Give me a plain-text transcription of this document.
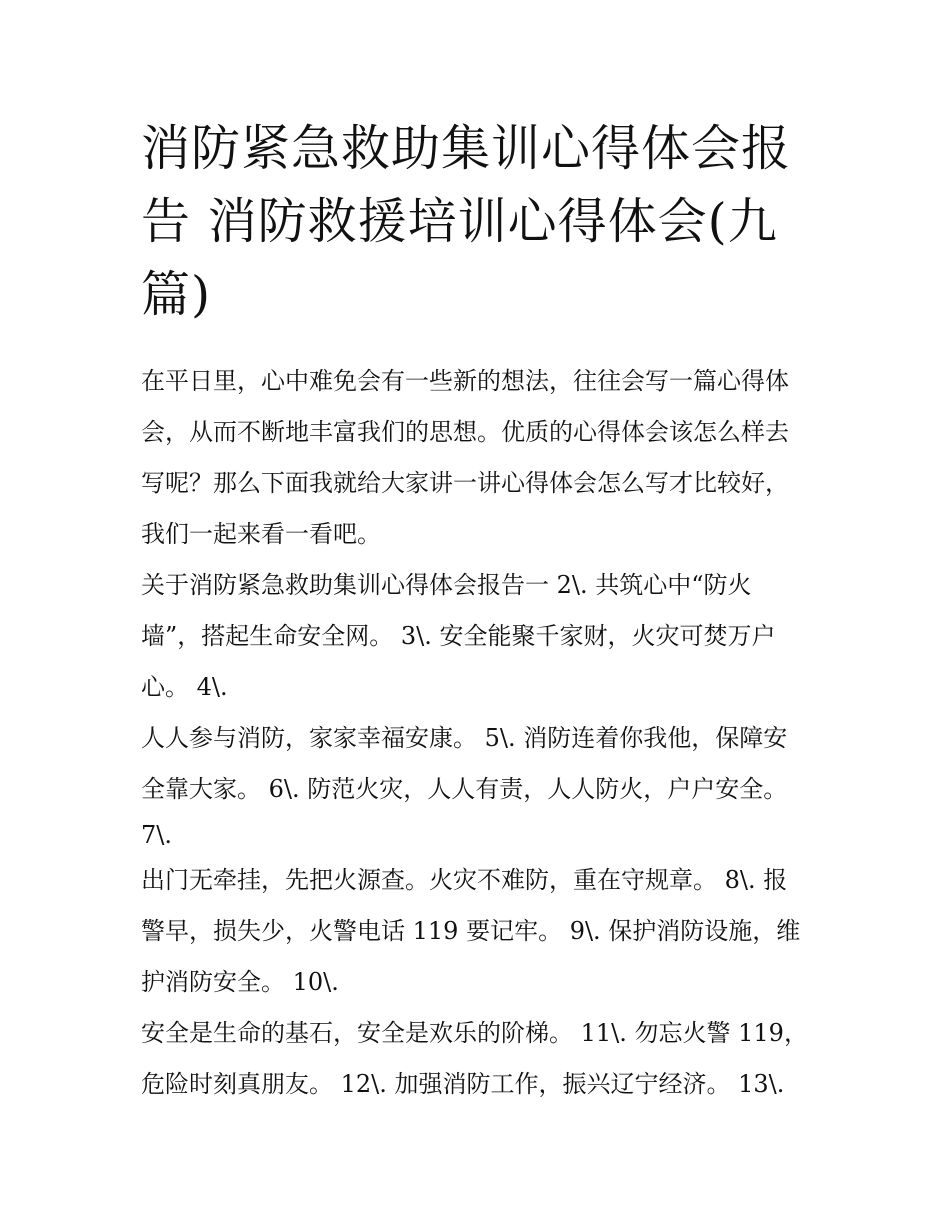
消防紧急救助集训心得体会报
告 消防救援培训心得体会(九
篇)

在平日里，心中难免会有一些新的想法，往往会写一篇心得体
会，从而不断地丰富我们的思想。优质的心得体会该怎么样去
写呢？那么下面我就给大家讲一讲心得体会怎么写才比较好，
我们一起来看一看吧。

关于消防紧急救助集训心得体会报告一 2\. 共筑心中“防火
墙”，搭起生命安全网。 3\. 安全能聚千家财，火灾可焚万户
心。 4\.

人人参与消防，家家幸福安康。 5\. 消防连着你我他，保障安
全靠大家。 6\. 防范火灾，人人有责，人人防火，户户安全。
7\.

出门无牵挂，先把火源查。火灾不难防，重在守规章。 8\. 报
警早，损失少，火警电话 119 要记牢。 9\. 保护消防设施，维
护消防安全。 10\.

安全是生命的基石，安全是欢乐的阶梯。 11\. 勿忘火警 119，
危险时刻真朋友。 12\. 加强消防工作，振兴辽宁经济。 13\.
